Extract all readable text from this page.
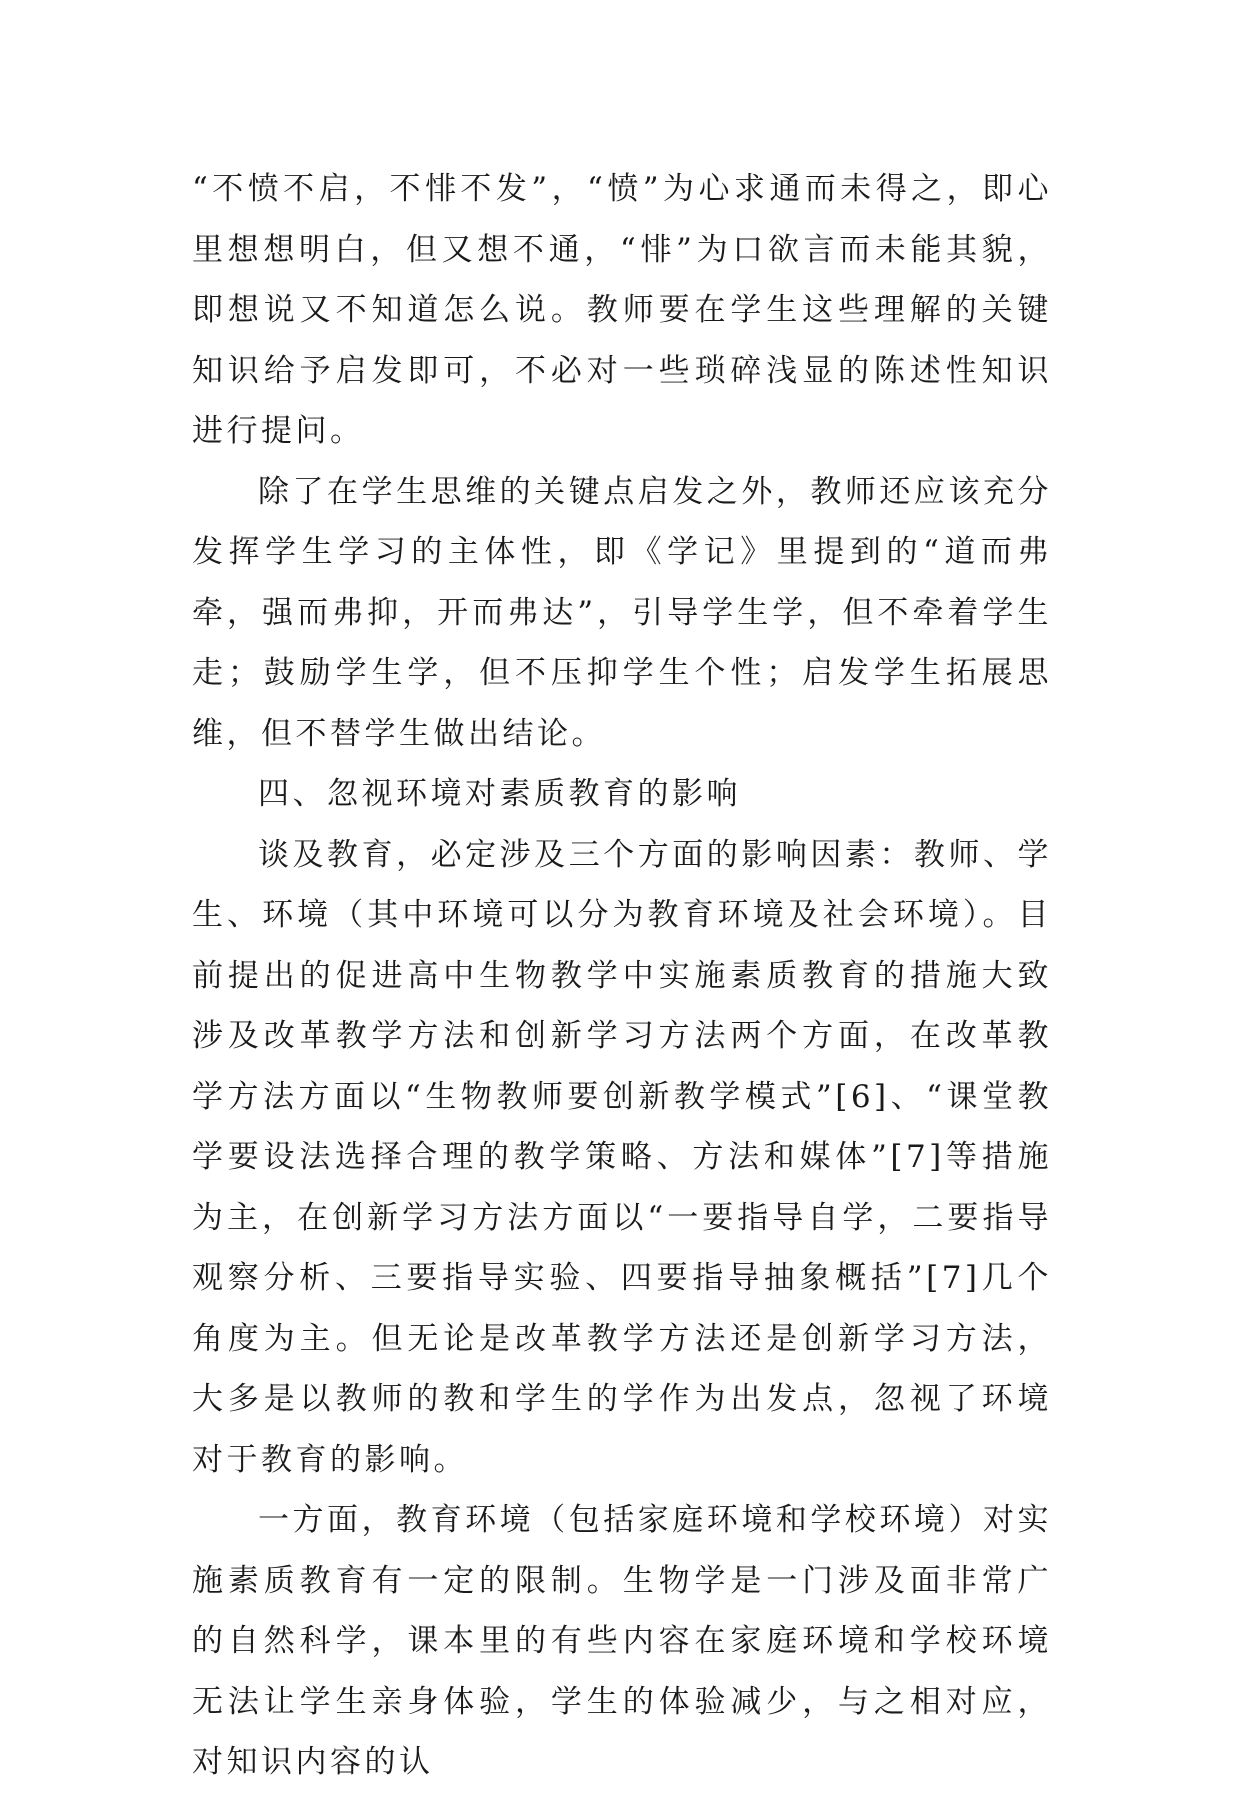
“不愤不启，不悱不发”，“愤”为心求通而未得之，即心里想想明白，但又想不通，“悱”为口欲言而未能其貌，即想说又不知道怎么说。教师要在学生这些理解的关键知识给予启发即可，不必对一些琐碎浅显的陈述性知识进行提问。

除了在学生思维的关键点启发之外，教师还应该充分发挥学生学习的主体性，即《学记》里提到的“道而弗牵，强而弗抑，开而弗达”，引导学生学，但不牵着学生走；鼓励学生学，但不压抑学生个性；启发学生拓展思维，但不替学生做出结论。

四、忽视环境对素质教育的影响

谈及教育，必定涉及三个方面的影响因素：教师、学生、环境（其中环境可以分为教育环境及社会环境）。目前提出的促进高中生物教学中实施素质教育的措施大致涉及改革教学方法和创新学习方法两个方面，在改革教学方法方面以“生物教师要创新教学模式”[6]、“课堂教学要设法选择合理的教学策略、方法和媒体”[7]等措施为主，在创新学习方法方面以“一要指导自学，二要指导观察分析、三要指导实验、四要指导抽象概括”[7]几个角度为主。但无论是改革教学方法还是创新学习方法，大多是以教师的教和学生的学作为出发点，忽视了环境对于教育的影响。

一方面，教育环境（包括家庭环境和学校环境）对实施素质教育有一定的限制。生物学是一门涉及面非常广的自然科学，课本里的有些内容在家庭环境和学校环境无法让学生亲身体验，学生的体验减少，与之相对应，对知识内容的认
